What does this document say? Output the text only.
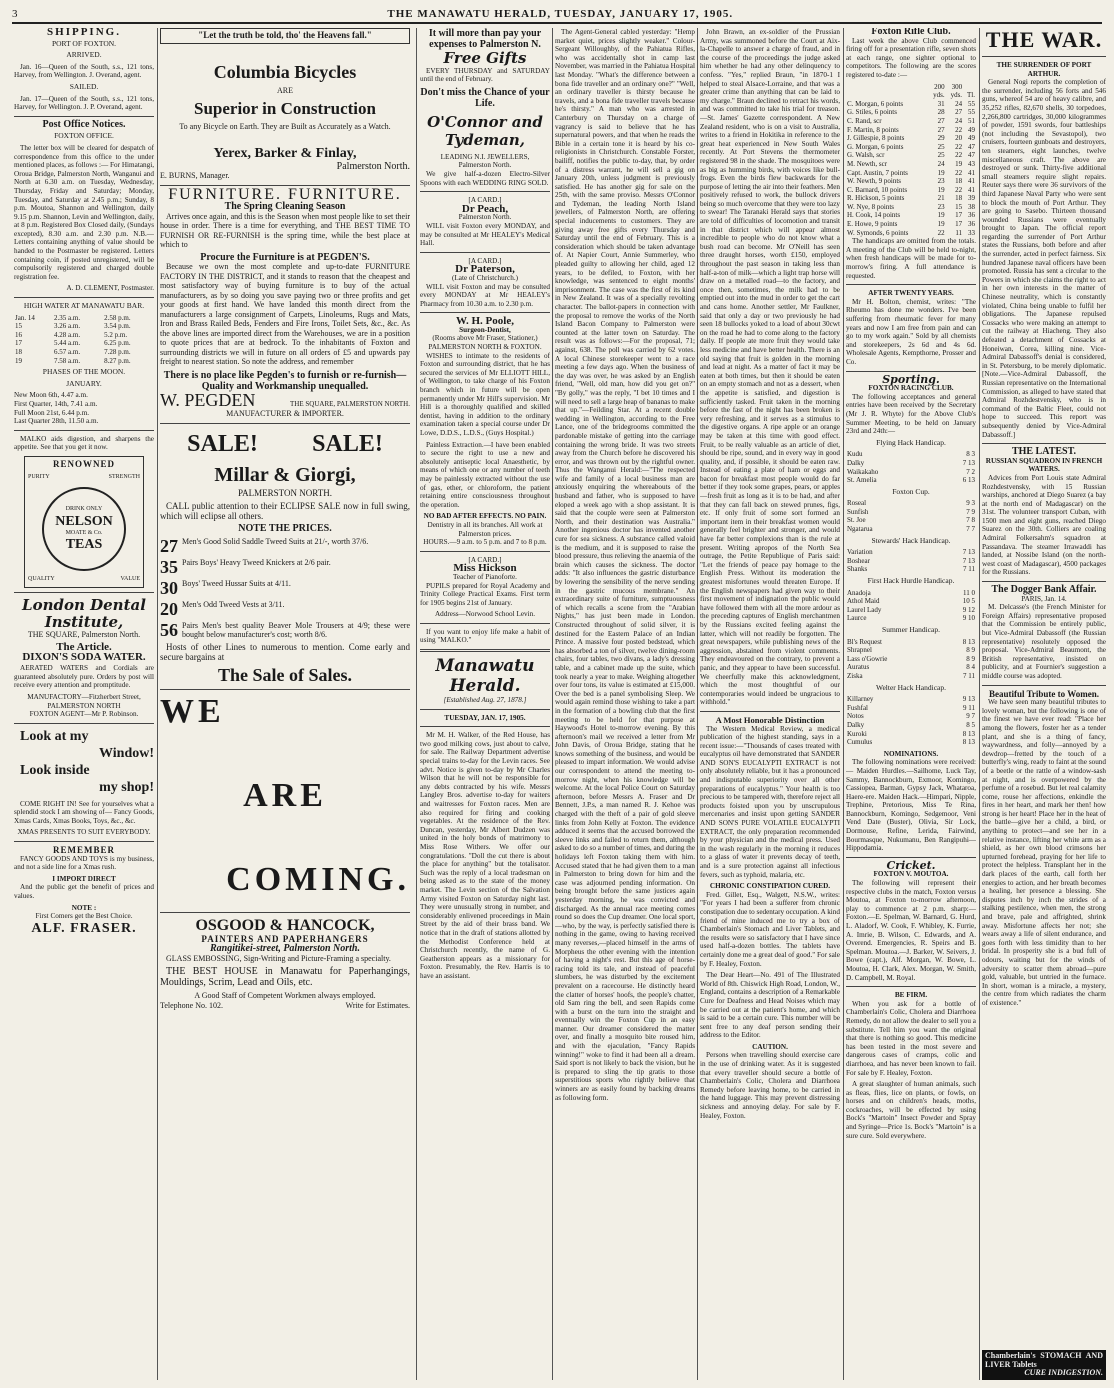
3	THE MANAWATU HERALD, TUESDAY, JANUARY 17, 1905.
SHIPPING.
PORT OF FOXTON.
ARRIVED.

Jan. 16—Queen of the South, s.s., 121 tons, Harvey, from Wellington. J. Overand, agent.

SAILED.

Jan. 17—Queen of the South, s.s., 121 tons, Harvey, for Wellington. J. P. Overand, agent.

Post Office Notices.
FOXTON OFFICE.

The letter box will be cleared for despatch of correspondence from this office to the under mentioned places, as follows :— For Himatangi, Oroua Bridge, Palmerston North, Wanganui and North at 6.30 a.m. on Tuesday, Wednesday, Thursday, Friday and Saturday; Monday, Tuesday, and Saturday at 2.45 p.m.; Sunday, 8 p.m. Moutoa, Shannon and Wellington, daily 9.15 p.m. Shannon, Levin and Wellington, daily, at 8 p.m. Registered Box Closed daily, (Sundays excepted), 8.30 a.m. and 2.30 p.m. N.B.—Letters containing anything of value should be handed to the Postmaster be registered. Letters containing coin, if posted unregistered, will be compulsorily registered and charged double registration fee.

A. D. CLEMENT, Postmaster.
HIGH WATER AT MANAWATU BAR.
Jan. 14	2.35 a.m.	2.58 p.m.
15	3.26 a.m.	3.54 p.m.
16	4.28 a.m.	5.2 p.m.
17	5.44 a.m.	6.25 p.m.
18	6.57 a.m.	7.28 p.m.
19	7.58 a.m.	8.27 p.m.
PHASES OF THE MOON.
JANUARY.
New Moon 6th, 4.47 a.m.
First Quarter, 14th, 7.41 a.m.
Full Moon 21st, 6.44 p.m.
Last Quarter 28th, 11.50 a.m.

MALKO aids digestion, and sharpens the appetite. See that you get it now.

RENOWNED
PURITY	STRENGTH
DRINK ONLY
NELSON
MOATE & Co.
TEAS
QUALITY	VALUE
London Dental Institute,
THE SQUARE, Palmerston North.
The Article.
DIXON'S SODA WATER.

AERATED WATERS and Cordials are guaranteed absolutely pure. Orders by post will receive every attention and promptitude.

MANUFACTORY—Fitzherbert Street, PALMERSTON NORTH
FOXTON AGENT—Mr P. Robinson.
Look at my
Window!
Look inside
my shop!

COME RIGHT IN! See for yourselves what a splendid stock I am showing of— Fancy Goods, Xmas Cards, Xmas Books, Toys, &c., &c.

XMAS PRESENTS TO SUIT EVERYBODY.
REMEMBER

FANCY GOODS AND TOYS is my business, and not a side line for a Xmas rush.

I IMPORT DIRECT

And the public get the benefit of prices and values.

NOTE :
First Comers get the Best Choice.
ALF. FRASER.
"Let the truth be told, tho' the Heavens fall."
Columbia Bicycles
ARE
Superior in Construction
To any Bicycle on Earth. They are Built as Accurately as a Watch.
Yerex, Barker & Finlay,
Palmerston North.
E. BURNS, Manager.
FURNITURE. FURNITURE.
The Spring Cleaning Season

Arrives once again, and this is the Season when most people like to set their house in order. There is a time for everything, and THE BEST TIME TO FURNISH OR RE-FURNISH is the spring time, while the best place at which to

Procure the Furniture is at PEGDEN'S.

Because we own the most complete and up-to-date FURNITURE FACTORY IN THE DISTRICT, and it stands to reason that the cheapest and most satisfactory way of buying furniture is to buy of the actual manufacturers, as by so doing you save paying two or three profits and get your goods at first hand. We have landed this month direct from the manufacturers a large consignment of Carpets, Linoleums, Rugs and Mats, Iron and Brass Railed Beds, Fenders and Fire Irons, Toilet Sets, &c., &c. As the above lines are imported direct from the Warehouses, we are in a position to quote prices that are at bedrock. To the inhabitants of Foxton and surrounding districts we will in future on all orders of £5 and upwards pay freight to nearest station. So note the address, and remember

There is no place like Pegden's to furnish or re-furnish—Quality and Workmanship unequalled.
W. PEGDEN	THE SQUARE, PALMERSTON NORTH.
MANUFACTURER & IMPORTER.
SALE! SALE!
Millar & Giorgi,
PALMERSTON NORTH.

CALL public attention to their ECLIPSE SALE now in full swing, which will eclipse all others.

NOTE THE PRICES.
27 Men's Good Solid Saddle Tweed Suits at 21/-, worth 37/6.
35 Pairs Boys' Heavy Tweed Knickers at 2/6 pair.
30 Boys' Tweed Hussar Suits at 4/11.
20 Men's Odd Tweed Vests at 3/11.
56 Pairs Men's best quality Beaver Mole Trousers at 4/9; these were bought below manufacturer's cost; worth 8/6.

Hosts of other Lines to numerous to mention. Come early and secure bargains at

The Sale of Sales.
WE
ARE
COMING.
OSGOOD & HANCOCK,
PAINTERS AND PAPERHANGERS
Rangitikei-street, Palmerston North.

GLASS EMBOSSING, Sign-Writing and Picture-Framing a specialty.

THE BEST HOUSE in Manawatu for Paperhangings, Mouldings, Scrim, Lead and Oils, etc.

A Good Staff of Competent Workmen always employed.
Telephone No. 102.	Write for Estimates.
It will more than pay your expenses to Palmerston N.
Free Gifts

EVERY THURSDAY and SATURDAY until the end of February.

Don't miss the Chance of your Life.
O'Connor and Tydeman,
LEADING N.I. JEWELLERS,
Palmerston North.

We give half-a-dozen Electro-Silver Spoons with each WEDDING RING SOLD.

[A CARD.]
Dr Peach,
Palmerston North.

WILL visit Foxton every MONDAY, and may be consulted at Mr HEALEY's Medical Hall.

[A CARD.]
Dr Paterson,
(Late of Christchurch.)

WILL visit Foxton and may be consulted every MONDAY at Mr HEALEY's Pharmacy from 10.30 a.m. to 2.30 p.m.

W. H. Poole,
Surgeon-Dentist,
(Rooms above Mr Fraser, Stationer,) PALMERSTON NORTH & FOXTON.

WISHES to intimate to the residents of Foxton and surrounding district, that he has secured the services of Mr ELLIOTT HILL, of Wellington, to take charge of his Foxton branch which in future will be open permanently under Mr Hill's supervision. Mr Hill is a thoroughly qualified and skilled dentist, having in addition to the ordinary examination taken a special course under Dr Lowe, D.D.S., L.D.S., (Guys Hospital.)

Painless Extraction.—I have been enabled to secure the right to use a new and absolutely antiseptic local Anaesthetic, by means of which one or any number of teeth may be painlessly extracted without the use of gas, ether, or chloroform, the patient retaining entire consciousness throughout the operation.

NO BAD AFTER EFFECTS. NO PAIN.
Dentistry in all its branches. All work at Palmerston prices.
HOURS.—9 a.m. to 5 p.m. and 7 to 8 p.m.
[A CARD.]
Miss Hickson
Teacher of Pianoforte.

PUPILS prepared for Royal Academy and Trinity College Practical Exams. First term for 1905 begins 21st of January.

Address—Norwood School Levin.

If you want to enjoy life make a habit of using "MALKO."

Manawatu Herald.
[Established Aug. 27, 1878.]
TUESDAY, JAN. 17, 1905.

Mr M. H. Walker, of the Red House, has two good milking cows, just about to calve, for sale. The Railway Department advertise special trains to-day for the Levin races. See advt. Notice is given to-day by Mr Charles Wilson that he will not be responsible for any debts contracted by his wife. Messrs Langley Bros. advertise to-day for waiters and waitresses for Foxton races. Men are also required for firing and cooking vegetables. At the residence of the Rev. Duncan, yesterday, Mr Albert Dudzen was united in the holy bonds of matrimony to Miss Rose Withers. We offer our congratulations. "Doll the cut there is about the place for anything" but the totalisator. Such was the reply of a local tradesman on being asked as to the state of the money market. The Levin section of the Salvation Army visited Foxton on Saturday night last. They were unusually strong in number, and considerably enlivened proceedings in Main Street by the aid of their brass band. We notice that in the draft of stations allotted by the Methodist Conference held at Christchurch recently, the name of G. Geatherston appears as a missionary for Foxton. Presumably, the Rev. Harris is to have an assistant.

The Agent-General cabled yesterday: "Hemp market quiet, prices slightly weaker." Colour-Sergeant Willoughby, of the Pahiatua Rifles, who was accidentally shot in camp last November, was married in the Pahiatua Hospital last Monday. "What's the difference between a bona fide traveller and an ordinary one?" "Well, an ordinary traveller is thirsty because he travels, and a bona fide traveller travels because he's thirsty." A man who was arrested in Canterbury on Thursday on a charge of vagrancy is said to believe that he has supernatural powers, and that when he reads the Bible in a certain tone it is heard by his co-religionists in Christchurch. Constable Forster, bailiff, notifies the public to-day, that, by order of a distress warrant, he will sell a gig on January 20th, unless judgment is previously satisfied. He has another gig for sale on the 25th, with the same proviso. Messrs O'Connor and Tydeman, the leading North Island jewellers, of Palmerston North, are offering special inducements to customers. They are giving away free gifts every Thursday and Saturday until the end of February. This is a consideration which should be taken advantage of. At Napier Court, Annie Summerley, who pleaded guilty to allowing her child, aged 12 years, to be defiled, to Foxton, with her knowledge, was sentenced to eight months' imprisonment. The case was the first of its kind in New Zealand. It was of a specially revolting character. The ballot-papers in connection with the proposal to remove the works of the North Island Bacon Company to Palmerston were counted at the latter town on Saturday. The result was as follows:—For the proposal, 71; against, 638. The poll was carried by 62 votes. A local Chinese storekeeper went to a race meeting a few days ago. When the business of the day was over, he was asked by an English friend, "Well, old man, how did you get on?" "By golly," was the reply, "I bet 10 times and I will need to sell a large heap of bananas to make that up."—Feilding Star. At a recent double wedding in Wellington, according to the Free Lance, one of the bridegrooms committed the pardonable mistake of getting into the carriage containing the wrong bride. It was two streets away from the Church before he discovered his error, and was thrown out by the rightful owner. Thus the Wanganui Herald:—"The respected wife and family of a local business man are anxiously enquiring the whereabouts of the husband and father, who is supposed to have eloped a week ago with a shop assistant. It is said that the couple were seen at Palmerston North, and their destination was Australia." Another ingenious doctor has invented another cure for sea sickness. A substance called valoid is the medium, and it is supposed to raise the blood pressure, thus relieving the anaemia of the brain which causes the sickness. The doctor adds: "It also influences the gastric disturbance by lowering the sensibility of the nerve sending in the gastric mucous membrane." An extraordinary suite of furniture, sumptuousness of which recalls a scene from the "Arabian Nights," has just been made in London. Constructed throughout of solid silver, it is destined for the Eastern Palace of an Indian Prince. A massive four posted bedstead, which has absorbed a ton of silver, twelve dining-room chairs, four tables, two divans, a lady's dressing table, and a cabinet made up the suite, which took nearly a year to make. Weighing altogether over four tons, its value is estimated at £15,000. Over the bed is a panel symbolising Sleep. We would again remind those wishing to take a part in the formation of a bowling club that the first meeting to be held for that purpose at Haywood's Hotel to-morrow evening. By this afternoon's mail we received a letter from Mr John Davis, of Oroua Bridge, stating that he knows something of the business, and would be pleased to impart information. We would advise our correspondent to attend the meeting to-morrow night, when his knowledge will be welcome. At the local Police Court on Saturday afternoon, before Messrs A. Fraser and Dr Bennett, J.P.s, a man named R. J. Kehoe was charged with the theft of a pair of gold sleeve links from John Kelly at Foxton. The evidence adduced it seems that the accused borrowed the sleeve links and failed to return them, although asked to do so a number of times, and during the holidays left Foxton taking them with him. Accused stated that he had given them to a man in Palmerston to bring down for him and the case was adjourned pending information. On being brought before the same justices again yesterday morning, he was convicted and discharged. As the annual race meeting comes round so does the Cup dreamer. One local sport,—who, by the way, is perfectly satisfied there is nothing in the game, owing to having received many reverses,—placed himself in the arms of Morpheus the other evening with the intention of having a night's rest. But this age of horse-racing told its tale, and instead of peaceful slumbers, he was disturbed by the excitement prevalent on a racecourse. He distinctly heard the clatter of horses' hoofs, the people's chatter, old Sam ring the bell, and seen Rapids come with a burst on the turn into the straight and eventually win the Foxton Cup in an easy manner. Our dreamer considered the matter over, and finally a mosquito bite roused him, and with the ejaculation, "Fancy Rapids winning!" woke to find it had been all a dream. Said sport is not likely to back the vision, but he is prepared to sling the tip gratis to those superstitious sports who rightly believe that winners are as easily found by backing dreams as following form.

John Brawn, an ex-soldier of the Prussian Army, was summoned before the Court at Aix-la-Chapelle to answer a charge of fraud, and in the course of the proceedings the judge asked him whether he had any other delinquency to confess. "Yes," replied Braun, "in 1870-1 I helped to steal Alsace-Lorraine, and that was a greater crime than anything that can be laid to my charge." Braun declined to retract his words, and was committed to take his trial for treason.—St. James' Gazette correspondent. A New Zealand resident, who is on a visit to Australia, writes to a friend in Hokitika in reference to the great heat experienced in New South Wales recently. At Port Stevens the thermometer registered 98 in the shade. The mosquitoes were as big as humming birds, with voices like bull-frogs. Even the birds flew backwards for the purpose of letting the air into their feathers. Men positively refused to work, the bullock drivers being so much overcome that they were too lazy to swear! The Taranaki Herald says that stories are told of difficulties of locomotion and transit in that district which will appear almost incredible to people who do not know what a bush road can become. Mr O'Neill has seen three draught horses, worth £150, employed throughout the past season in taking less than half-a-ton of milk—which a light trap horse will draw on a metalled road—to the factory, and once then, sometimes, the milk had to be emptied out into the mud in order to get the cart and cans home. Another settler, Mr Faulkner, said that only a day or two previously he had seen 18 bullocks yoked to a load of about 30cwt on the road he had to come along to the factory daily. If people ate more fruit they would take less medicine and have better health. There is an old saying that fruit is golden in the morning and lead at night. As a matter of fact it may be eaten at both times, but then it should be eaten on an empty stomach and not as a dessert, when the appetite is satisfied, and digestion is sufficiently tasked. Fruit taken in the morning before the fast of the night has been broken is very refreshing, and it serves as a stimulus to the digestive organs. A ripe apple or an orange may be taken at this time with good effect. Fruit, to be really valuable as an article of diet, should be ripe, sound, and in every way in good quality, and, if possible, it should be eaten raw. Instead of eating a plate of ham or eggs and bacon for breakfast most people would do far better if they took some grapes, pears, or apples—fresh fruit as long as it is to be had, and after that they can fall back on stewed prunes, figs, etc. If only fruit of some sort formed an important item in their breakfast women would generally feel brighter and stronger, and would have far better complexions than is the rule at present. Writing apropos of the North Sea outrage, the Petite Republique of Paris said: "Let the friends of peace pay homage to the English Press. Without its moderation the greatest misfortunes would threaten Europe. If the English newspapers had given way to their first movement of indignation the public would have followed them with all the more ardour as the preceding captures of English merchantmen by the Russians excited feeling against the latter, which will not readily be forgotten. The great newspapers, while publishing news of the aggression, abstained from violent comments. They endeavoured on the contrary, to prevent a panic, and they appear to have been successful. We cheerfully make this acknowledgment, which the most thoughtful of our contemporaries would indeed be ungracious to withhold."

A Most Honorable Distinction

The Western Medical Review, a medical publication of the highest standing, says in a recent issue:—"Thousands of cases treated with eucalyptus oil have demonstrated that SANDER AND SON'S EUCALYPTI EXTRACT is not only absolutely reliable, but it has a pronounced and indisputable superiority over all other preparations of eucalyptus." Your health is too precious to be tampered with, therefore reject all products foisted upon you by unscrupulous mercenaries and insist upon getting SANDER AND SON'S PURE VOLATILE EUCALYPTI EXTRACT, the only preparation recommended by your physician and the medical press. Used in the wash regularly in the morning it reduces to a glass of water it prevents decay of teeth, and is a sure protection against all infectious fevers, such as typhoid, malaria, etc.

CHRONIC CONSTIPATION CURED.

Fred. Gillet, Esq., Walgett, N.S.W., writes: "For years I had been a sufferer from chronic constipation due to sedentary occupation. A kind friend of mine induced me to try a box of Chamberlain's Stomach and Liver Tablets, and the results were so satisfactory that I have since used half-a-dozen bottles. The tablets have certainly done me a great deal of good." For sale by F. Healey, Foxton.

The Dear Heart—No. 491 of The Illustrated World of 8th. Chiswick High Road, London, W., England, contains a description of a Remarkable Cure for Deafness and Head Noises which may be carried out at the patient's home, and which is said to be a certain cure. This number will be sent free to any deaf person sending their address to the Editor.

CAUTION.

Persons when travelling should exercise care in the use of drinking water. As it is suggested that every traveller should secure a bottle of Chamberlain's Colic, Cholera and Diarrhoea Remedy before leaving home, to be carried in the hand luggage. This may prevent distressing sickness and annoying delay. For sale by F. Healey, Foxton.

Foxton Rifle Club.

Last week the above Club commenced firing off for a presentation rifle, seven shots at each range, one sighter optional to competitors. The following are the scores registered to-date :—

	200	300	
	yds.	yds.	Tl.
C. Morgan, 6 points	31	24	55
G. Stiles, 6 points	28	27	55
C. Rand, scr	27	24	51
F. Martin, 8 points	27	22	49
J. Gillespie, 8 points	29	20	49
G. Morgan, 6 points	25	22	47
G. Walsh, scr	25	22	47
M. Newth, scr	24	19	43
Capt. Austin, 7 points	19	22	41
W. Newth, 9 points	23	18	41
C. Barnard, 10 points	19	22	41
R. Hickson, 5 points	21	18	39
W. Nye, 8 points	23	15	38
H. Cook, 14 points	19	17	36
E. Howe, 9 points	19	17	36
W. Symonds, 6 points	22	11	33

The handicaps are omitted from the totals. A meeting of the Club will be held to-night, when fresh handicaps will be made for to-morrow's firing. A full attendance is requested.

AFTER TWENTY YEARS.

Mr H. Bolton, chemist, writes: "The Rheumo has done me wonders. I've been suffering from rheumatic fever for many years and now I am free from pain and can go to my work again." Sold by all chemists and storekeepers, 2s 6d and 4s 6d. Wholesale Agents, Kempthorne, Prosser and Co.

Sporting.
FOXTON RACING CLUB.

The following acceptances and general entries have been received by the Secretary (Mr J. R. Whyte) for the Above Club's Summer Meeting, to be held on January 23rd and 24th:—

Flying Hack Handicap.
Kudu	8 3
Dalky	7 13
Waikakaho	7 2
St. Amelia	6 13
Foxton Cup.
Roseal	9 3
Sunfish	7 9
St. Joe	7 8
Ngatarua	7 7
Stewards' Hack Handicap.
Variation	7 13
Boshear	7 13
Shanks	7 11
First Hack Hurdle Handicap.
Anadoja	11 0
Athol Maid	10 5
Laurel Lady	9 12
Laurce	9 10
Summer Handicap.
Bl's Request	8 13
Shrapnel	8 9
Lass o'Gowrie	8 9
Auratus	8 4
Ziska	7 11
Welter Hack Handicap.
Killarney	9 13
Fushfal	9 11
Notos	9 7
Dalky	8 5
Kuroki	8 13
Cumulus	8 13
NOMINATIONS.

The following nominations were received:— Maiden Hurdles.—Sailhome, Luck Tay, Sammy, Bannockburn, Exmoor, Komingo, Cassiopea, Barman, Gypsy Jack, Whataroa, Haere-ere. Maiden Hack.—Himpari, Nipple, Trephine, Pretorious, Miss Te Rina, Bannockburn, Komingo, Sedgemoor, Veni Vend Date (Buster), Olivia, Sir Lock, Dormouse, Refine, Lerida, Fairwind, Bourmasque, Nukumanu, Ben Rangipuhi—Hippodamia.

Cricket.
FOXTON V. MOUTOA.

The following will represent their respective clubs in the match, Foxton versus Moutoa, at Foxton to-morrow afternoon, play to commence at 2 p.m. sharp:— Foxton.—E. Spelman, W. Barnard, G. Hurd, L. Aladorf, W. Cook, F. Whibley, K. Furrie, A. Imrie, B. Wilson, C. Edwards, and A. Overend. Emergencies, R. Speirs and B. Spelman. Moutoa.—J. Barker, W. Seivers, J. Bowe (capt.), Alf. Morgan, W. Bowe, L. Moutoa, H. Clark, Alex. Morgan, W. Smith, D. Campbell, M. Royal.

BE FIRM.

When you ask for a bottle of Chamberlain's Colic, Cholera and Diarrhoea Remedy, do not allow the dealer to sell you a substitute. Tell him you want the original that there is nothing so good. This medicine has been tested in the most severe and dangerous cases of cramps, colic and diarrhoea, and has never been known to fail. For sale by F. Healey, Foxton.

A great slaughter of human animals, such as fleas, flies, lice on plants, or fowls, on horses and on children's heads, moths, cockroaches, will be effected by using Bock's "Martoin" Insect Powder and Spray and Syringe—Price 1s. Bock's "Martoin" is a sure cure. Sold everywhere.

THE WAR.
THE SURRENDER OF PORT ARTHUR.

General Nogi reports the completion of the surrender, including 56 forts and 546 guns, whereof 54 are of heavy calibre, and 35,252 rifles, 82,670 shells, 30 torpedoes, 2,266,800 cartridges, 30,000 kilogrammes of powder, 1591 swords, four battleships (not including the Sevastopol), two cruisers, fourteen gunboats and destroyers, ten steamers, eight launches, twelve miscellaneous craft. The above are destroyed or sunk. Thirty-five additional small steamers require slight repairs. Reuter says there were 36 survivors of the third Japanese Naval Party who were sent to block the mouth of Port Arthur. They are going to Sasebo. Thirteen thousand wounded Russians were eventually brought to Japan. The official report regarding the surrender of Port Arthur states the Russians, both before and after the surrender, acted in perfect fairness. Six hundred Japanese naval officers have been promoted. Russia has sent a circular to the Powers in which she claims the right to act in her own interests in the matter of Chinese neutrality, which is constantly violated, China being unable to fulfil her obligations. The Japanese repulsed Cossacks who were making an attempt to cut the railway at Hiacheng. They also defeated a detachment of Cossacks at Honeiwan, Corea, killing nine. Vice-Admiral Dabassoff's denial is considered, in St. Petersburg, to be merely diplomatic. [Note.—Vice-Admiral Dabassoff, the Russian representative on the International Commission, as alleged to have stated that Admiral Rozhdestvensky, who is in command of the Baltic Fleet, could not hope to succeed. This report was subsequently denied by Vice-Admiral Dabassoff.]

THE LATEST.
RUSSIAN SQUADRON IN FRENCH WATERS.

Advices from Port Louis state Admiral Rozhdestvensky, with 15 Russian warships, anchored at Diego Suarez (a bay at the north end of Madagascar) on the 31st. The volunteer transport Cuban, with 1500 men and eight guns, reached Diego Suarez on the 30th. Colliers are coaling Admiral Folkersahm's squadron at Passandava. The steamer Irrawaddi has landed, at Nossibe Island (on the north-west coast of Madagascar), 4500 packages for the Russians.

The Dogger Bank Affair.
PARIS, Jan. 14.

M. Delcasse's (the French Minister for Foreign Affairs) representative proposed that the Commission be entirely public, but Vice-Admiral Dabassoff (the Russian representative) resolutely opposed the proposal. Vice-Admiral Beaumont, the British representative, insisted on publicity, and at Fournier's suggestion a middle course was adopted.

Beautiful Tribute to Women.

We have seen many beautiful tributes to lovely woman, but the following is one of the finest we have ever read: "Place her among the flowers, foster her as a tender plant, and she is a thing of fancy, waywardness, and folly—annoyed by a dewdrop—fretted by the touch of a butterfly's wing, ready to faint at the sound of a beetle or the rattle of a window-sash at night, and is overpowered by the perfume of a rosebud. But let real calamity come, rouse her affections, enkindle the fires in her heart, and mark her then! how strong is her heart! Place her in the heat of the battle—give her a child, a bird, or anything to protect—and see her in a relative instance, lifting her white arm as a shield, as her own blood crimsons her upturned forehead, praying for her life to protect the helpless. Transplant her in the dark places of the earth, call forth her energies to action, and her breath becomes a healing, her presence a blessing. She disputes inch by inch the strides of a stalking pestilence, when men, the strong and brave, pale and affrighted, shrink away. Misfortune affects her not; she wears away a life of silent endurance, and goes forth with less timidity than to her bridal. In prosperity she is a bud full of odours, waiting but for the winds of adversity to scatter them abroad—pure gold, valuable, but untried in the furnace. In short, woman is a miracle, a mystery, the centre from which radiates the charm of existence."

Chamberlain's STOMACH AND LIVER Tablets
CURE INDIGESTION.
